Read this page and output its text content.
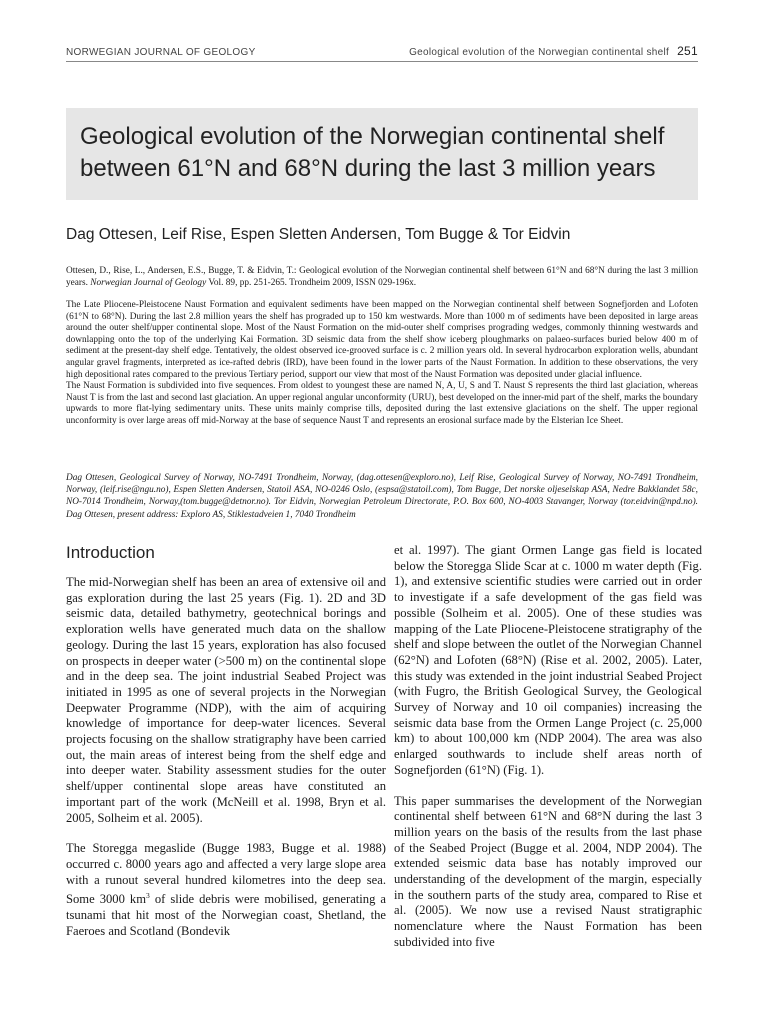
NORWEGIAN JOURNAL OF GEOLOGY	Geological evolution of the Norwegian continental shelf 251
Geological evolution of the Norwegian continental shelf between 61°N and 68°N during the last 3 million years
Dag Ottesen, Leif Rise, Espen Sletten Andersen, Tom Bugge & Tor Eidvin
Ottesen, D., Rise, L., Andersen, E.S., Bugge, T. & Eidvin, T.: Geological evolution of the Norwegian continental shelf between 61°N and 68°N during the last 3 million years. Norwegian Journal of Geology Vol. 89, pp. 251-265. Trondheim 2009, ISSN 029-196x.

The Late Pliocene-Pleistocene Naust Formation and equivalent sediments have been mapped on the Norwegian continental shelf between Sognefjorden and Lofoten (61°N to 68°N). During the last 2.8 million years the shelf has prograded up to 150 km westwards. More than 1000 m of sediments have been deposited in large areas around the outer shelf/upper continental slope. Most of the Naust Formation on the mid-outer shelf comprises prograding wedges, commonly thinning westwards and downlapping onto the top of the underlying Kai Formation. 3D seismic data from the shelf show iceberg ploughmarks on palaeo-surfaces buried below 400 m of sediment at the present-day shelf edge. Tentatively, the oldest observed ice-grooved surface is c. 2 million years old. In several hydrocarbon exploration wells, abundant angular gravel fragments, interpreted as ice-rafted debris (IRD), have been found in the lower parts of the Naust Formation. In addition to these observations, the very high depositional rates compared to the previous Tertiary period, support our view that most of the Naust Formation was deposited under glacial influence.

The Naust Formation is subdivided into five sequences. From oldest to youngest these are named N, A, U, S and T. Naust S represents the third last glaciation, whereas Naust T is from the last and second last glaciation. An upper regional angular unconformity (URU), best developed on the inner-mid part of the shelf, marks the boundary upwards to more flat-lying sedimentary units. These units mainly comprise tills, deposited during the last extensive glaciations on the shelf. The upper regional unconformity is over large areas off mid-Norway at the base of sequence Naust T and represents an erosional surface made by the Elsterian Ice Sheet.

Dag Ottesen, Geological Survey of Norway, NO-7491 Trondheim, Norway, (dag.ottesen@exploro.no), Leif Rise, Geological Survey of Norway, NO-7491 Trondheim, Norway, (leif.rise@ngu.no), Espen Sletten Andersen, Statoil ASA, NO-0246 Oslo, (espsa@statoil.com), Tom Bugge, Det norske oljeselskap ASA, Nedre Bakklandet 58c, NO-7014 Trondheim, Norway,(tom.bugge@detnor.no). Tor Eidvin, Norwegian Petroleum Directorate, P.O. Box 600, NO-4003 Stavanger, Norway (tor.eidvin@npd.no). Dag Ottesen, present address: Exploro AS, Stiklestadveien 1, 7040 Trondheim
Introduction

The mid-Norwegian shelf has been an area of extensive oil and gas exploration during the last 25 years (Fig. 1). 2D and 3D seismic data, detailed bathymetry, geotechnical borings and exploration wells have generated much data on the shallow geology. During the last 15 years, exploration has also focused on prospects in deeper water (>500 m) on the continental slope and in the deep sea. The joint industrial Seabed Project was initiated in 1995 as one of several projects in the Norwegian Deepwater Programme (NDP), with the aim of acquiring knowledge of importance for deep-water licences. Several projects focusing on the shallow stratigraphy have been carried out, the main areas of interest being from the shelf edge and into deeper water. Stability assessment studies for the outer shelf/upper continental slope areas have constituted an important part of the work (McNeill et al. 1998, Bryn et al. 2005, Solheim et al. 2005).

The Storegga megaslide (Bugge 1983, Bugge et al. 1988) occurred c. 8000 years ago and affected a very large slope area with a runout several hundred kilometres into the deep sea. Some 3000 $km^3$ of slide debris were mobilised, generating a tsunami that hit most of the Norwegian coast, Shetland, the Faeroes and Scotland (Bondevik

et al. 1997). The giant Ormen Lange gas field is located below the Storegga Slide Scar at c. 1000 m water depth (Fig. 1), and extensive scientific studies were carried out in order to investigate if a safe development of the gas field was possible (Solheim et al. 2005). One of these studies was mapping of the Late Pliocene-Pleistocene stratigraphy of the shelf and slope between the outlet of the Norwegian Channel (62°N) and Lofoten (68°N) (Rise et al. 2002, 2005). Later, this study was extended in the joint industrial Seabed Project (with Fugro, the British Geological Survey, the Geological Survey of Norway and 10 oil companies) increasing the seismic data base from the Ormen Lange Project (c. 25,000 km) to about 100,000 km (NDP 2004). The area was also enlarged southwards to include shelf areas north of Sognefjorden (61°N) (Fig. 1).

This paper summarises the development of the Norwegian continental shelf between 61°N and 68°N during the last 3 million years on the basis of the results from the last phase of the Seabed Project (Bugge et al. 2004, NDP 2004). The extended seismic data base has notably improved our understanding of the development of the margin, especially in the southern parts of the study area, compared to Rise et al. (2005). We now use a revised Naust stratigraphic nomenclature where the Naust Formation has been subdivided into five
